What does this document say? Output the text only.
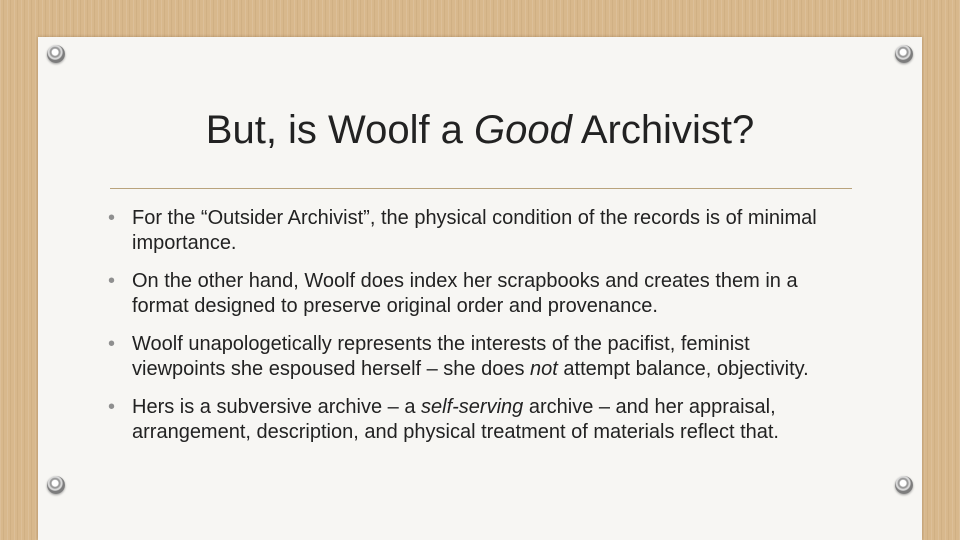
But, is Woolf a Good Archivist?
• For the “Outsider Archivist”, the physical condition of the records is of minimal importance.
• On the other hand, Woolf does index her scrapbooks and creates them in a format designed to preserve original order and provenance.
• Woolf unapologetically represents the interests of the pacifist, feminist viewpoints she espoused herself – she does not attempt balance, objectivity.
• Hers is a subversive archive – a self-serving archive – and her appraisal, arrangement, description, and physical treatment of materials reflect that.
